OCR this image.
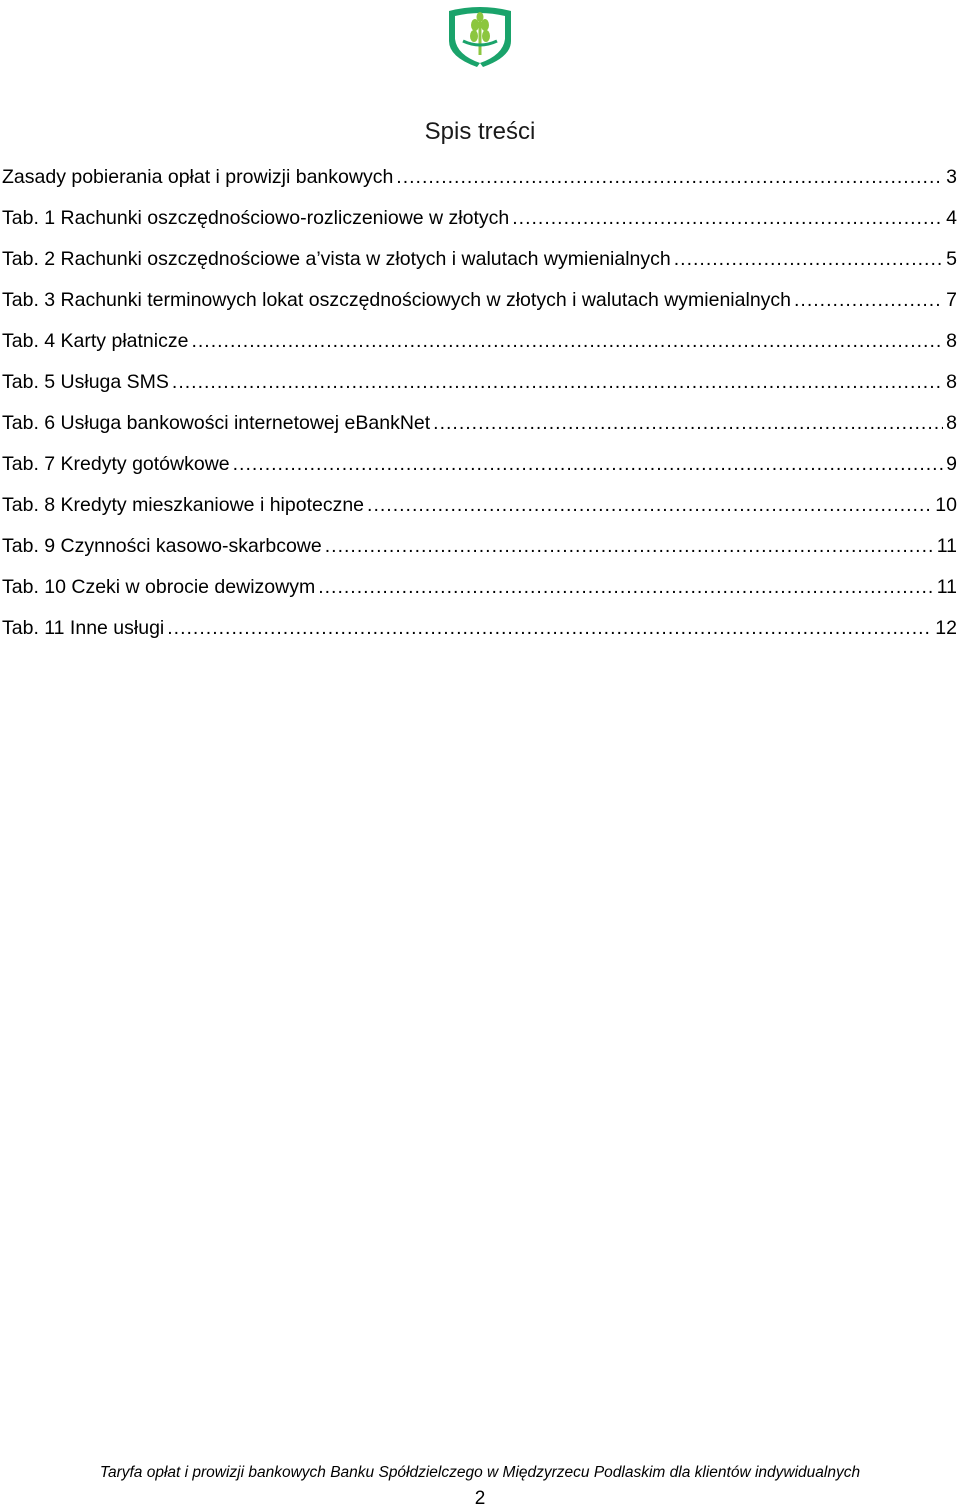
Spis treści
Zasady pobierania opłat i prowizji bankowych .....	3
Tab. 1 Rachunki oszczędnościowo-rozliczeniowe w złotych .....	4
Tab. 2 Rachunki oszczędnościowe a’vista w złotych i walutach wymienialnych .....	5
Tab. 3 Rachunki terminowych lokat oszczędnościowych w złotych i walutach wymienialnych .....	7
Tab. 4 Karty płatnicze .....	8
Tab. 5 Usługa SMS .....	8
Tab. 6 Usługa bankowości internetowej eBankNet .....	8
Tab. 7 Kredyty gotówkowe .....	9
Tab. 8 Kredyty mieszkaniowe i hipoteczne .....	10
Tab. 9 Czynności kasowo-skarbcowe .....	11
Tab. 10 Czeki w obrocie dewizowym .....	11
Tab. 11 Inne usługi .....	12
Taryfa opłat i prowizji bankowych Banku Spółdzielczego w Międzyrzecu Podlaskim dla klientów indywidualnych
2
